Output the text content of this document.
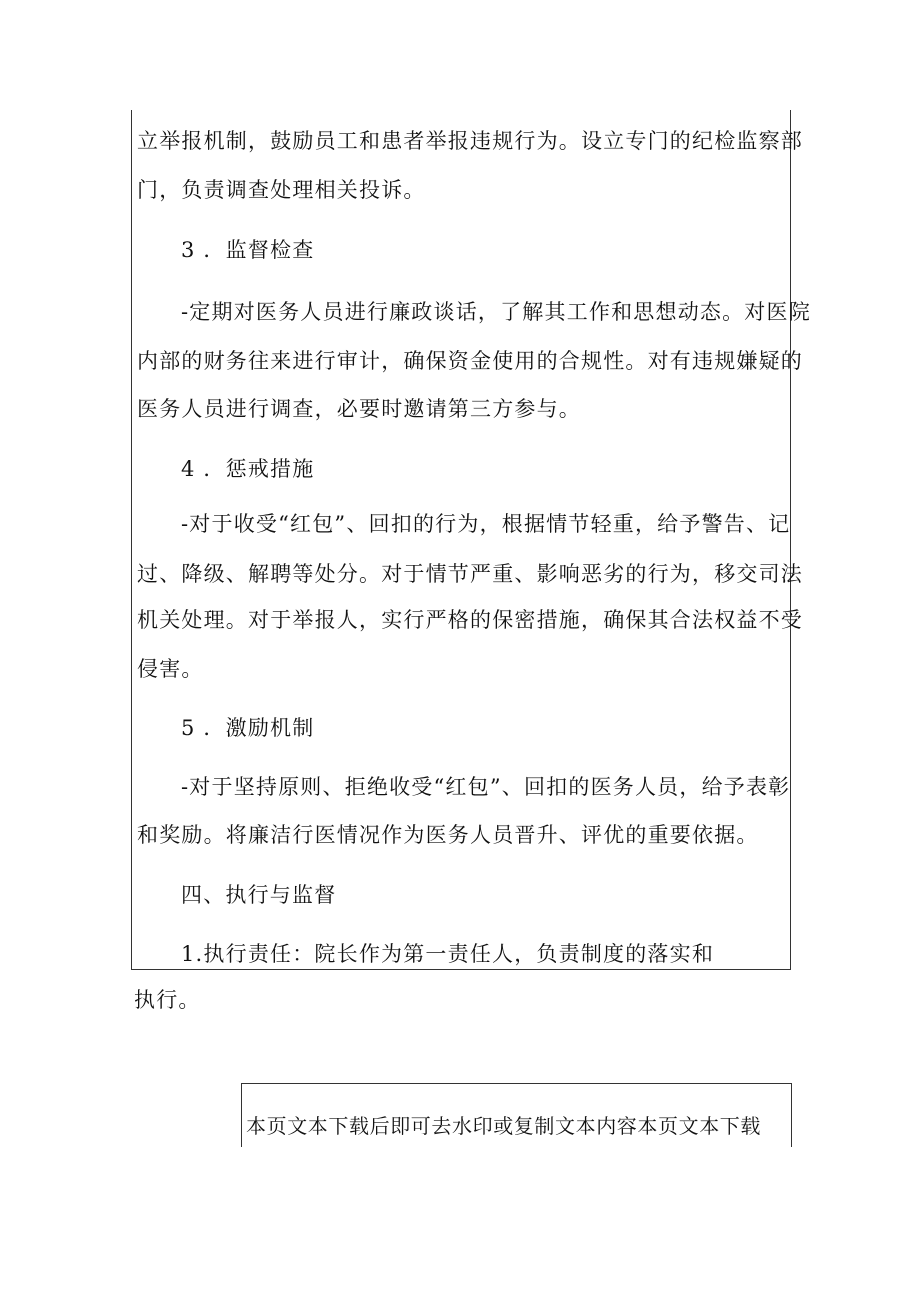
立举报机制，鼓励员工和患者举报违规行为。设立专门的纪检监察部
门，负责调查处理相关投诉。
3 ．监督检查
-定期对医务人员进行廉政谈话，了解其工作和思想动态。对医院
内部的财务往来进行审计，确保资金使用的合规性。对有违规嫌疑的
医务人员进行调查，必要时邀请第三方参与。
4 ．惩戒措施
-对于收受“红包”、回扣的行为，根据情节轻重，给予警告、记
过、降级、解聘等处分。对于情节严重、影响恶劣的行为，移交司法
机关处理。对于举报人，实行严格的保密措施，确保其合法权益不受
侵害。
5 ．激励机制
-对于坚持原则、拒绝收受“红包”、回扣的医务人员，给予表彰
和奖励。将廉洁行医情况作为医务人员晋升、评优的重要依据。
四、执行与监督
1.执行责任：院长作为第一责任人，负责制度的落实和
执行。
本页文本下载后即可去水印或复制文本内容本页文本下载
